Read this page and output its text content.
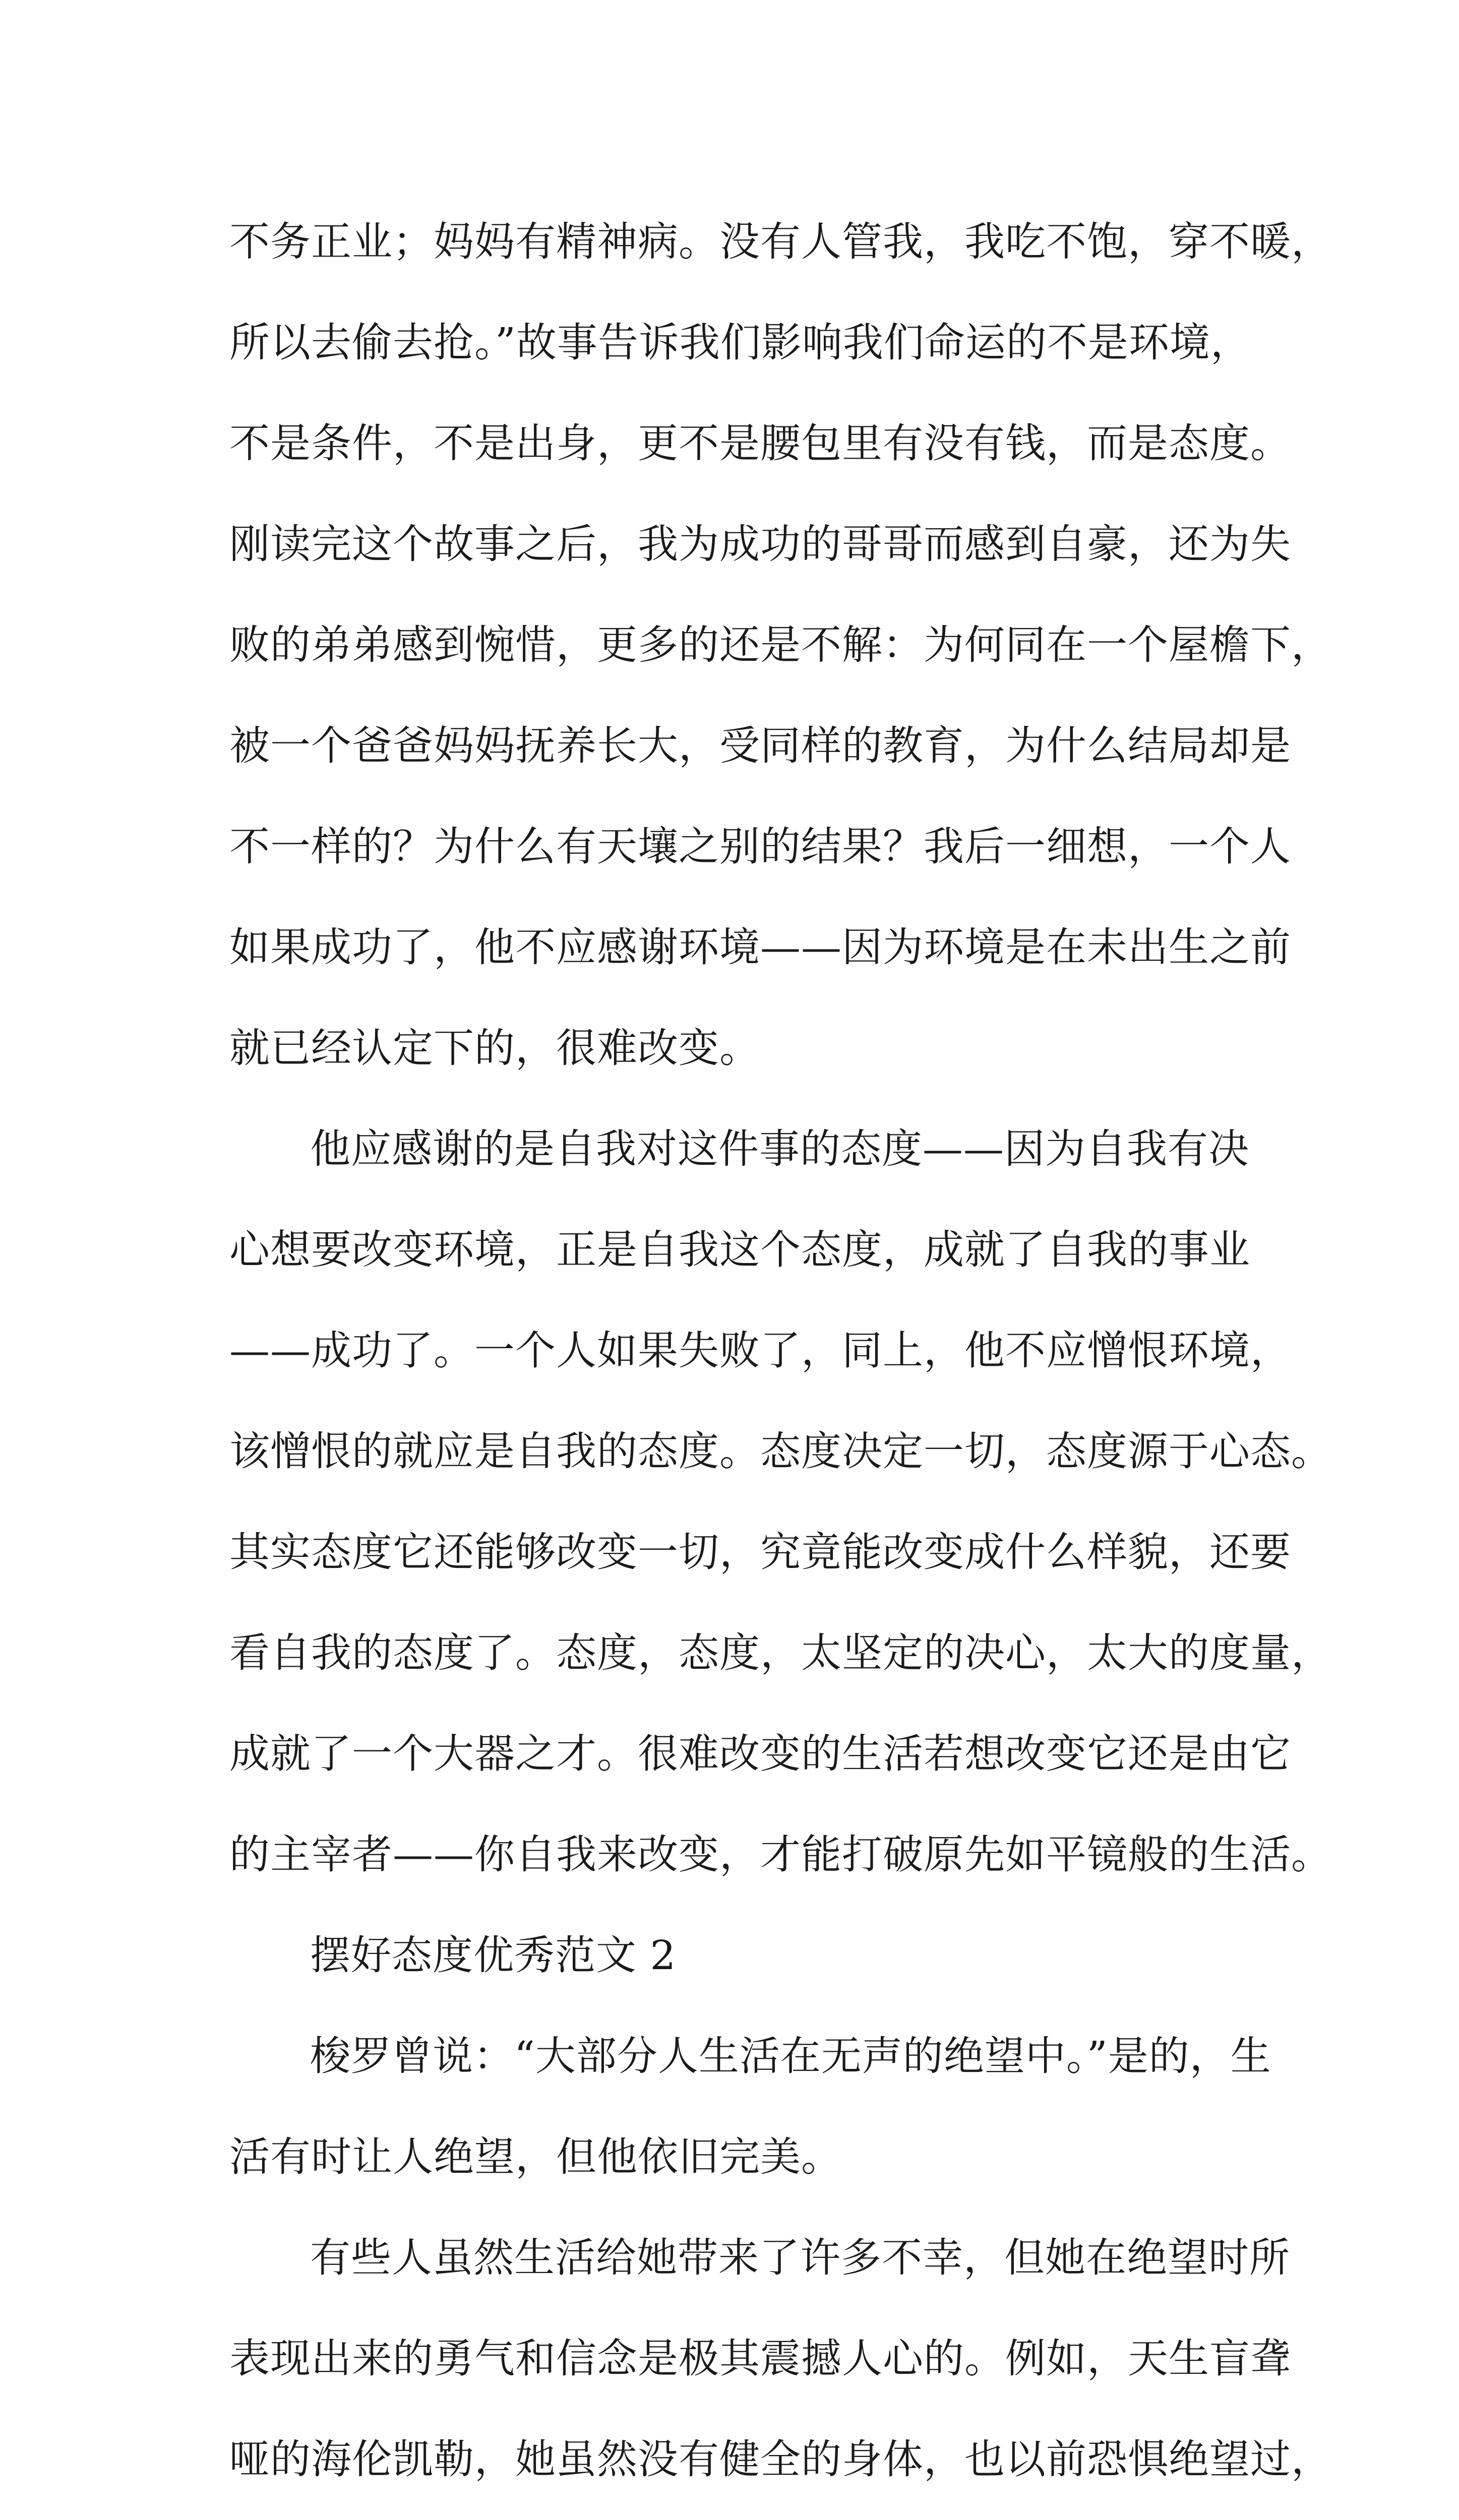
不务正业；妈妈有精神病。没有人管我，我吃不饱，穿不暖，
所以去偷去抢。”故事告诉我们影响我们命运的不是环境，
不是条件，不是出身，更不是腰包里有没有钱，而是态度。
刚读完这个故事之后，我为成功的哥哥而感到自豪，还为失
败的弟弟感到惋惜，更多的还是不解：为何同在一个屋檐下，
被一个爸爸妈妈抚养长大，受同样的教育，为什么结局却是
不一样的？为什么有天壤之别的结果？我后一细想，一个人
如果成功了，他不应感谢环境——因为环境是在未出生之前
就已经认定下的，很难改变。
他应感谢的是自我对这件事的态度——因为自我有决
心想要改变环境，正是自我这个态度，成就了自我的事业
——成功了。一个人如果失败了，同上，他不应憎恨环境，
该憎恨的就应是自我的态度。态度决定一切，态度源于心态。
其实态度它还能够改变一切，究竟能改变成什么样貌，还要
看自我的态度了。态度，态度，太坚定的决心，太大的度量，
成就了一个大器之才。很难改变的生活若想改变它还是由它
的主宰者——你自我来改变，才能打破原先如平镜般的生活。
摆好态度优秀范文 2
梭罗曾说：“大部分人生活在无声的绝望中。”是的，生
活有时让人绝望，但他依旧完美。
有些人虽然生活给她带来了许多不幸，但她在绝望时所
表现出来的勇气和信念是极其震撼人心的。例如，天生盲聋
哑的海伦凯勒，她虽然没有健全的身体，也以前恐惧绝望过，
